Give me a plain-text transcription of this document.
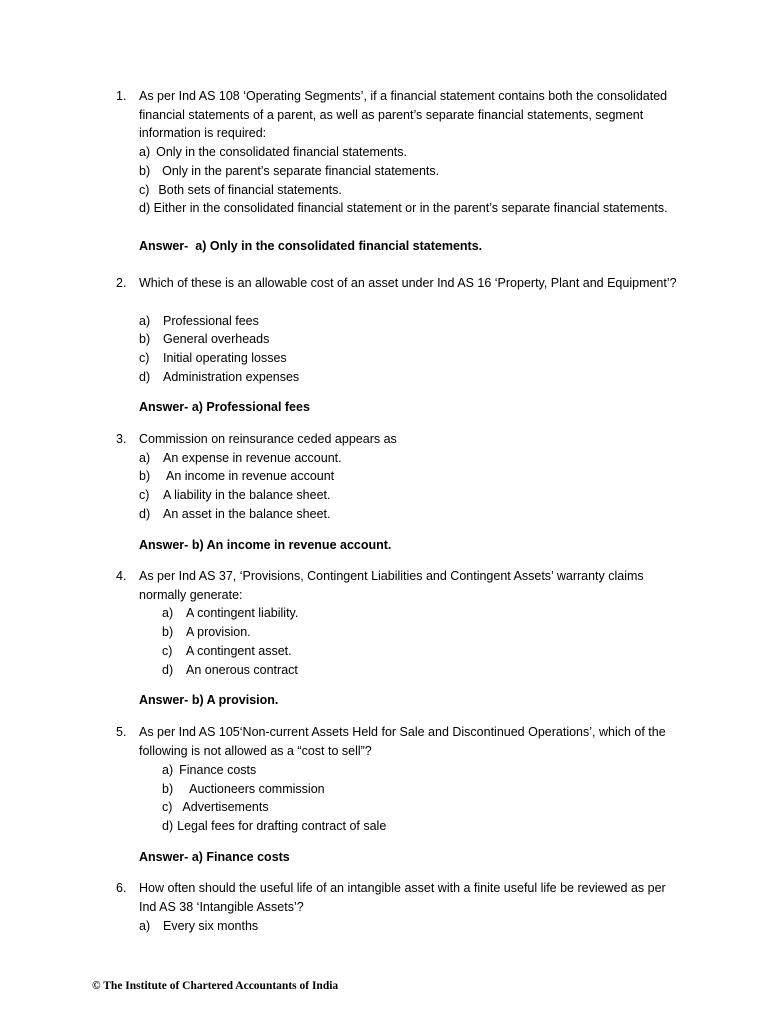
1. As per Ind AS 108 ‘Operating Segments’, if a financial statement contains both the consolidated financial statements of a parent, as well as parent’s separate financial statements, segment information is required:
a) Only in the consolidated financial statements.
b) Only in the parent’s separate financial statements.
c) Both sets of financial statements.
d) Either in the consolidated financial statement or in the parent’s separate financial statements.
Answer- a) Only in the consolidated financial statements.
2. Which of these is an allowable cost of an asset under Ind AS 16 ‘Property, Plant and Equipment’?
a) Professional fees
b) General overheads
c) Initial operating losses
d) Administration expenses
Answer- a) Professional fees
3. Commission on reinsurance ceded appears as
a) An expense in revenue account.
b) An income in revenue account
c) A liability in the balance sheet.
d) An asset in the balance sheet.
Answer- b) An income in revenue account.
4. As per Ind AS 37, ‘Provisions, Contingent Liabilities and Contingent Assets’ warranty claims normally generate:
a) A contingent liability.
b) A provision.
c) A contingent asset.
d) An onerous contract
Answer- b) A provision.
5. As per Ind AS 105‘Non-current Assets Held for Sale and Discontinued Operations’, which of the following is not allowed as a “cost to sell”?
a) Finance costs
b) Auctioneers commission
c) Advertisements
d) Legal fees for drafting contract of sale
Answer- a) Finance costs
6. How often should the useful life of an intangible asset with a finite useful life be reviewed as per Ind AS 38 ‘Intangible Assets’?
a) Every six months
© The Institute of Chartered Accountants of India
